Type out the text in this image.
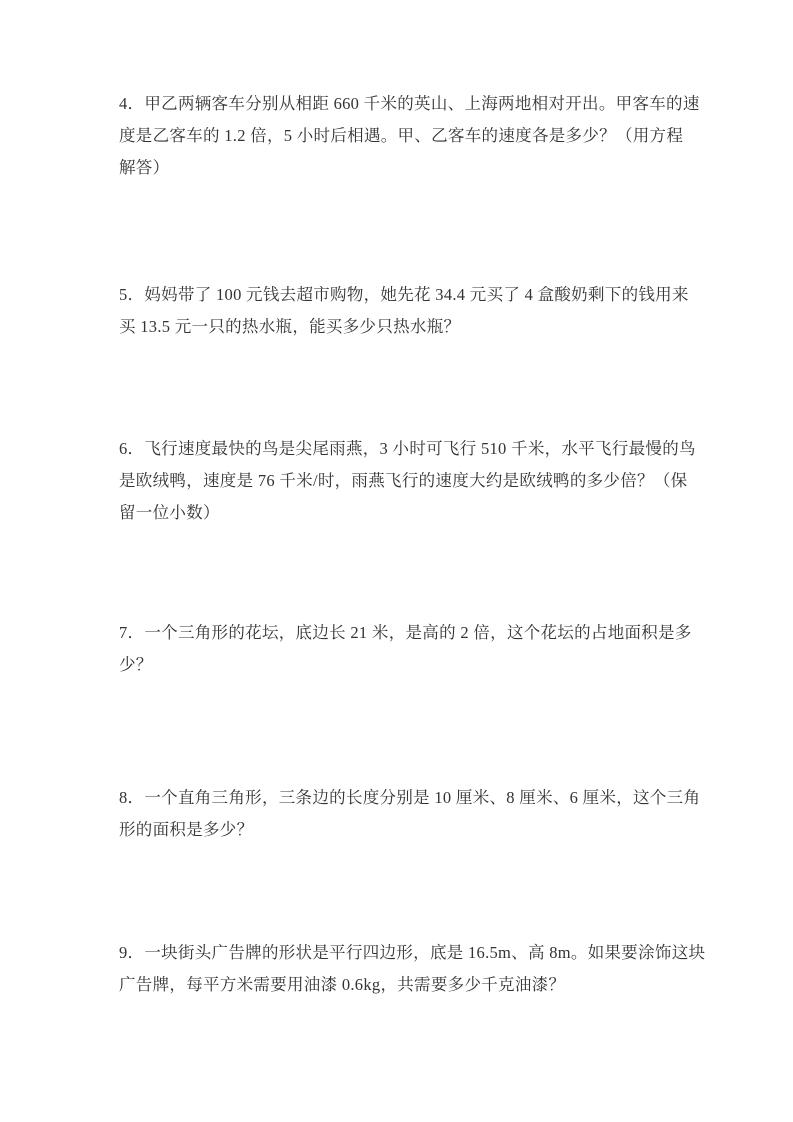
4．甲乙两辆客车分别从相距 660 千米的英山、上海两地相对开出。甲客车的速
度是乙客车的 1.2 倍，5 小时后相遇。甲、乙客车的速度各是多少？（用方程
解答）
5．妈妈带了 100 元钱去超市购物，她先花 34.4 元买了 4 盒酸奶剩下的钱用来
买 13.5 元一只的热水瓶，能买多少只热水瓶？
6．飞行速度最快的鸟是尖尾雨燕，3 小时可飞行 510 千米，水平飞行最慢的鸟
是欧绒鸭，速度是 76 千米/时，雨燕飞行的速度大约是欧绒鸭的多少倍？（保
留一位小数）
7．一个三角形的花坛，底边长 21 米，是高的 2 倍，这个花坛的占地面积是多
少？
8．一个直角三角形，三条边的长度分别是 10 厘米、8 厘米、6 厘米，这个三角
形的面积是多少？
9．一块街头广告牌的形状是平行四边形，底是 16.5m、高 8m。如果要涂饰这块
广告牌，每平方米需要用油漆 0.6kg，共需要多少千克油漆？
